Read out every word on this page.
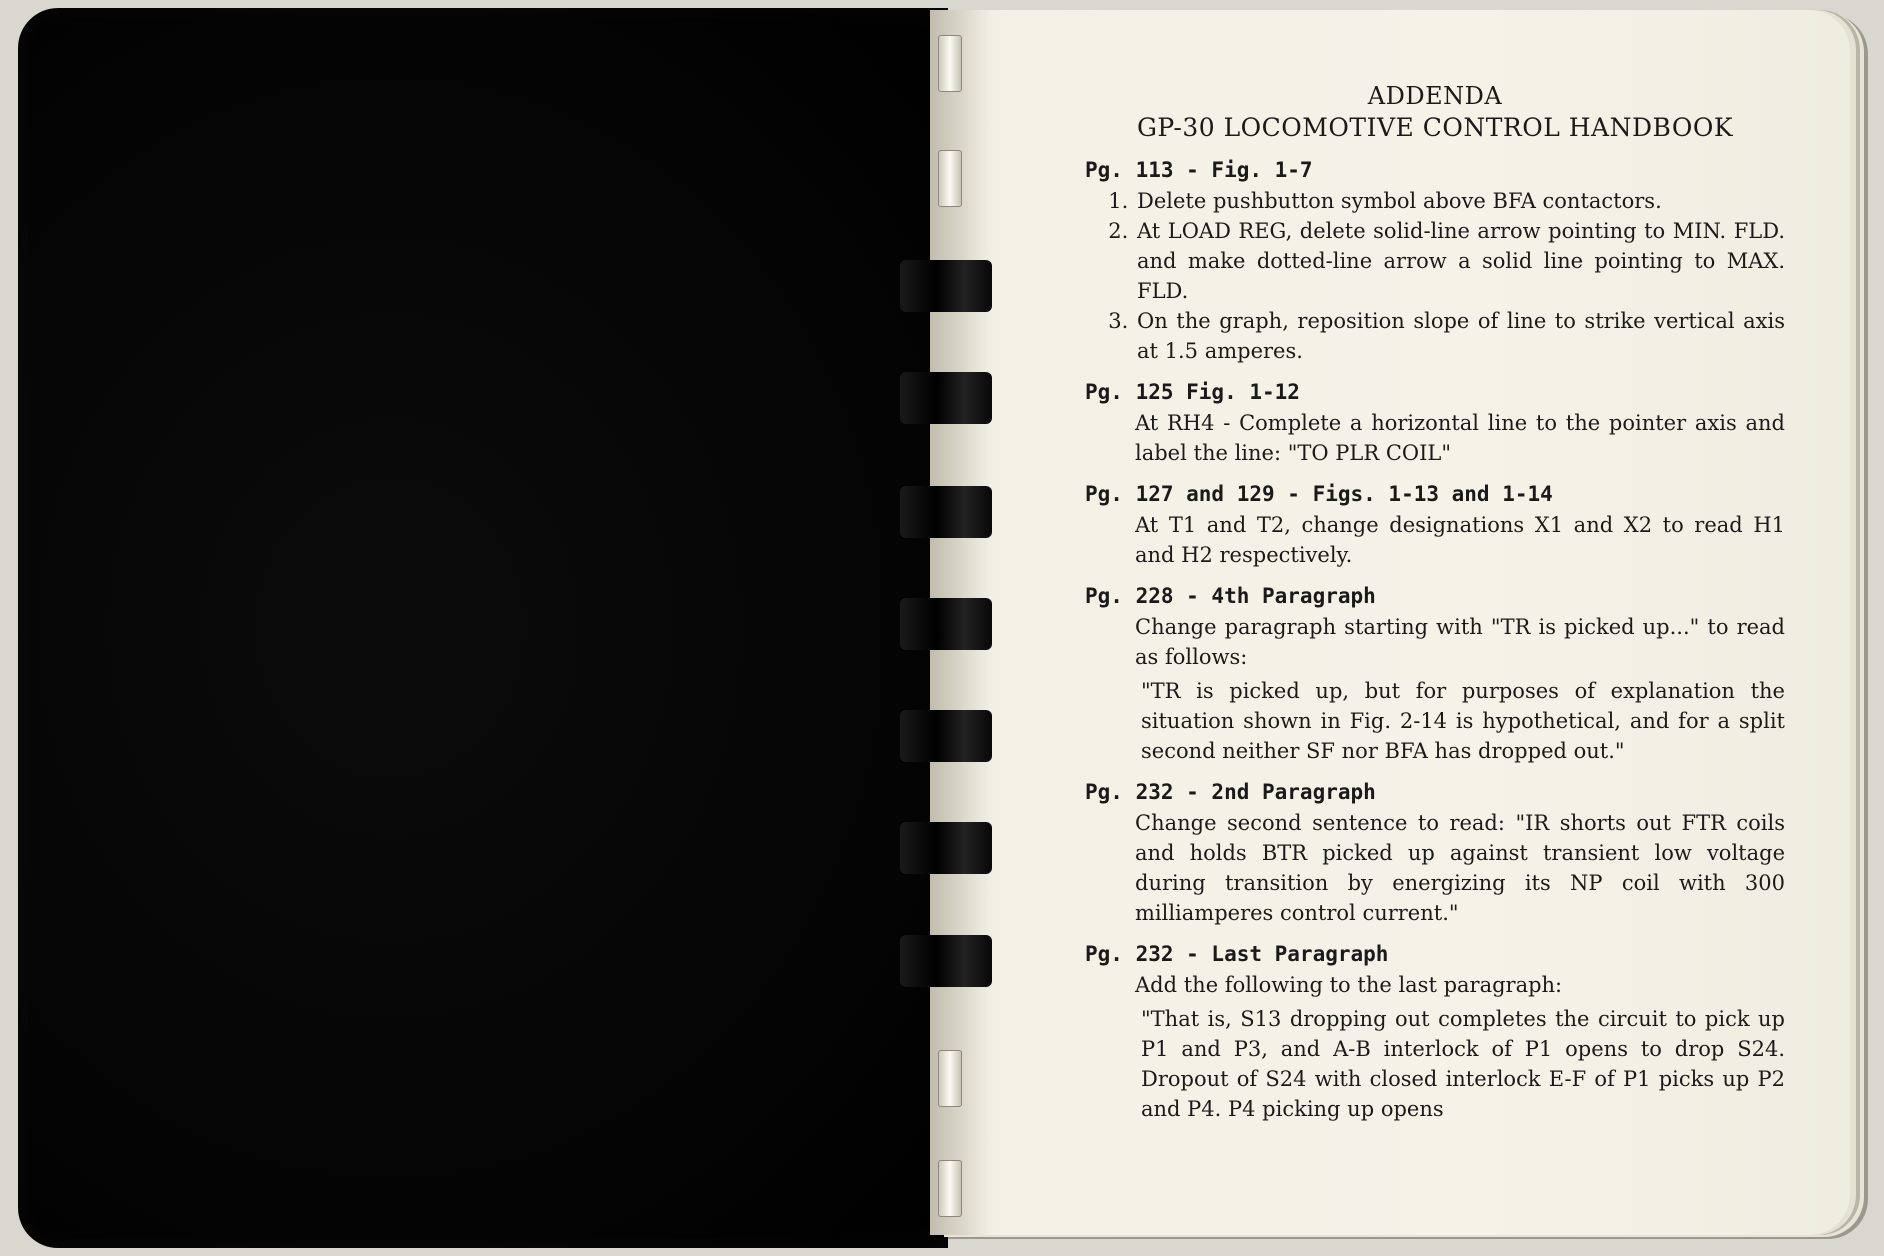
ADDENDA
GP-30 LOCOMOTIVE CONTROL HANDBOOK

Pg. 113 - Fig. 1-7

1. Delete pushbutton symbol above BFA contactors.
2. At LOAD REG, delete solid-line arrow pointing to MIN. FLD. and make dotted-line arrow a solid line pointing to MAX. FLD.
3. On the graph, reposition slope of line to strike vertical axis at 1.5 amperes.

Pg. 125 Fig. 1-12

At RH4 - Complete a horizontal line to the pointer axis and label the line: "TO PLR COIL"

Pg. 127 and 129 - Figs. 1-13 and 1-14

At T1 and T2, change designations X1 and X2 to read H1 and H2 respectively.

Pg. 228 - 4th Paragraph

Change paragraph starting with "TR is picked up..." to read as follows:

"TR is picked up, but for purposes of explanation the situation shown in Fig. 2-14 is hypothetical, and for a split second neither SF nor BFA has dropped out."

Pg. 232 - 2nd Paragraph

Change second sentence to read: "IR shorts out FTR coils and holds BTR picked up against transient low voltage during transition by energizing its NP coil with 300 milliamperes control current."

Pg. 232 - Last Paragraph

Add the following to the last paragraph:

"That is, S13 dropping out completes the circuit to pick up P1 and P3, and A-B interlock of P1 opens to drop S24. Dropout of S24 with closed interlock E-F of P1 picks up P2 and P4. P4 picking up opens
